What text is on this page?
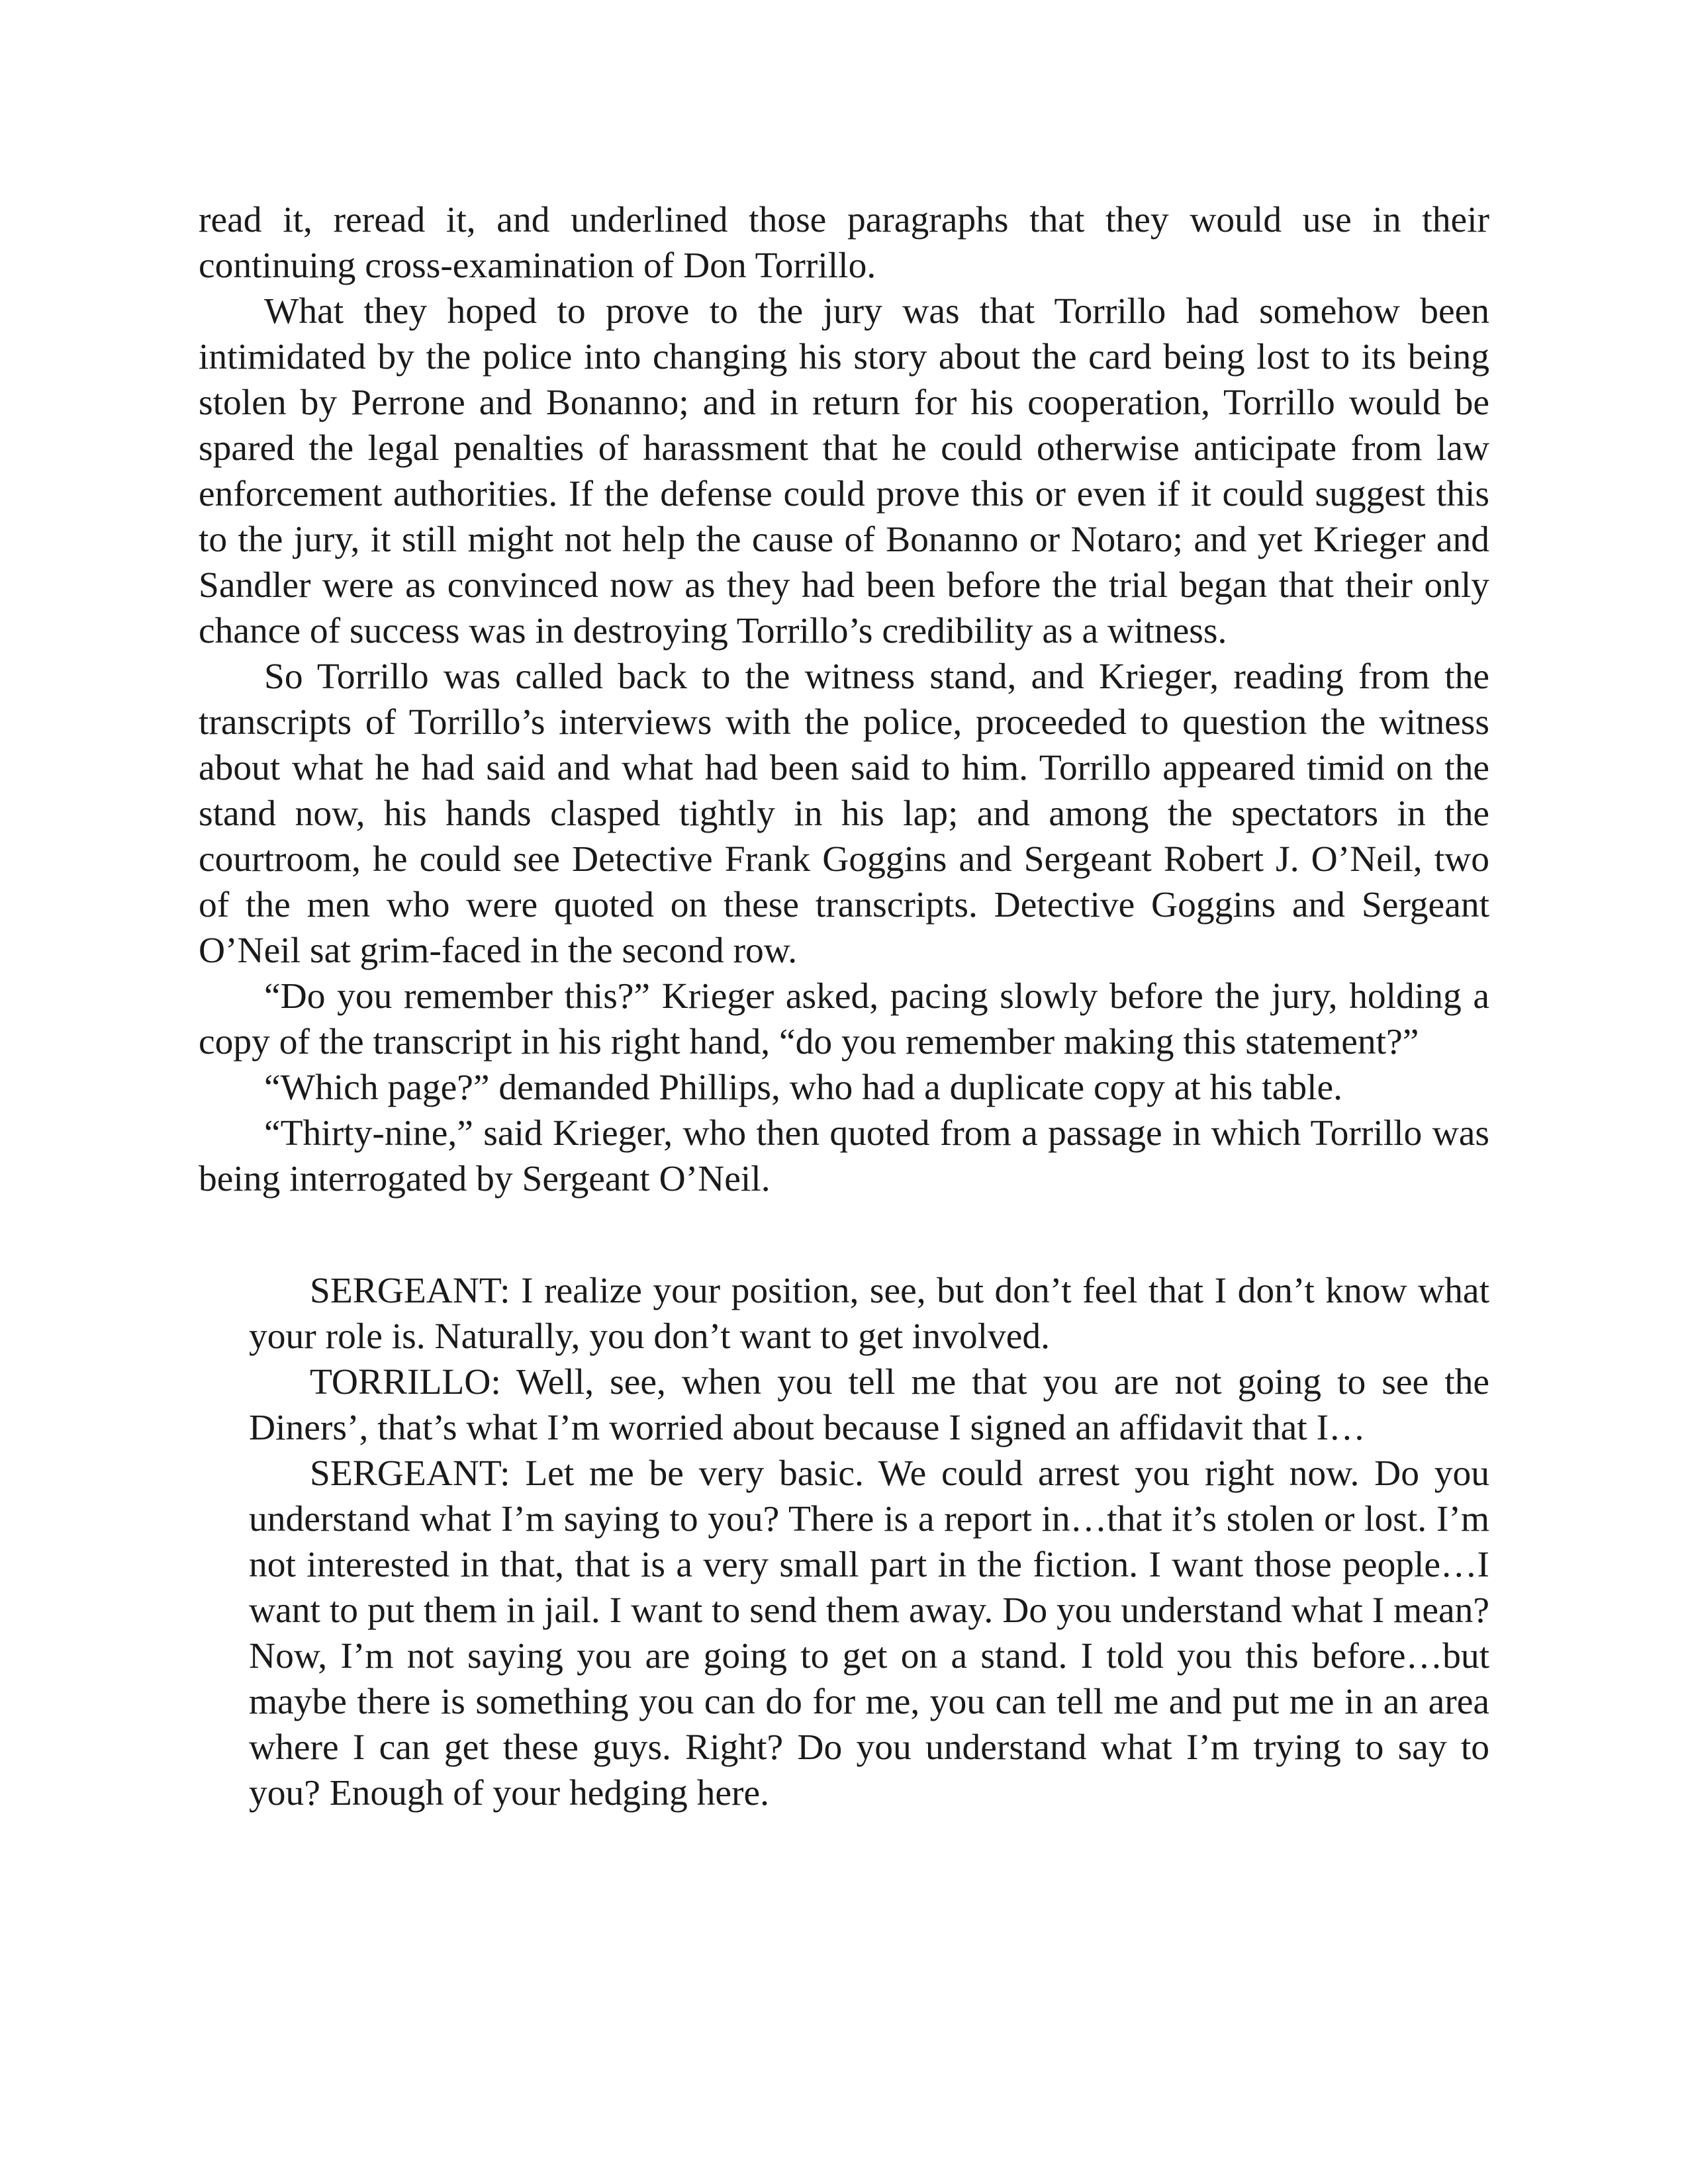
read it, reread it, and underlined those paragraphs that they would use in their continuing cross-examination of Don Torrillo.

What they hoped to prove to the jury was that Torrillo had somehow been intimidated by the police into changing his story about the card being lost to its being stolen by Perrone and Bonanno; and in return for his cooperation, Torrillo would be spared the legal penalties of harassment that he could otherwise anticipate from law enforcement authorities. If the defense could prove this or even if it could suggest this to the jury, it still might not help the cause of Bonanno or Notaro; and yet Krieger and Sandler were as convinced now as they had been before the trial began that their only chance of success was in destroying Torrillo’s credibility as a witness.

So Torrillo was called back to the witness stand, and Krieger, reading from the transcripts of Torrillo’s interviews with the police, proceeded to question the witness about what he had said and what had been said to him. Torrillo appeared timid on the stand now, his hands clasped tightly in his lap; and among the spectators in the courtroom, he could see Detective Frank Goggins and Sergeant Robert J. O’Neil, two of the men who were quoted on these transcripts. Detective Goggins and Sergeant O’Neil sat grim-faced in the second row.

“Do you remember this?” Krieger asked, pacing slowly before the jury, holding a copy of the transcript in his right hand, “do you remember making this statement?”

“Which page?” demanded Phillips, who had a duplicate copy at his table.

“Thirty-nine,” said Krieger, who then quoted from a passage in which Torrillo was being interrogated by Sergeant O’Neil.

SERGEANT: I realize your position, see, but don’t feel that I don’t know what your role is. Naturally, you don’t want to get involved.

TORRILLO: Well, see, when you tell me that you are not going to see the Diners’, that’s what I’m worried about because I signed an affidavit that I…

SERGEANT: Let me be very basic. We could arrest you right now. Do you understand what I’m saying to you? There is a report in…that it’s stolen or lost. I’m not interested in that, that is a very small part in the fiction. I want those people…I want to put them in jail. I want to send them away. Do you understand what I mean? Now, I’m not saying you are going to get on a stand. I told you this before…but maybe there is something you can do for me, you can tell me and put me in an area where I can get these guys. Right? Do you understand what I’m trying to say to you? Enough of your hedging here.
